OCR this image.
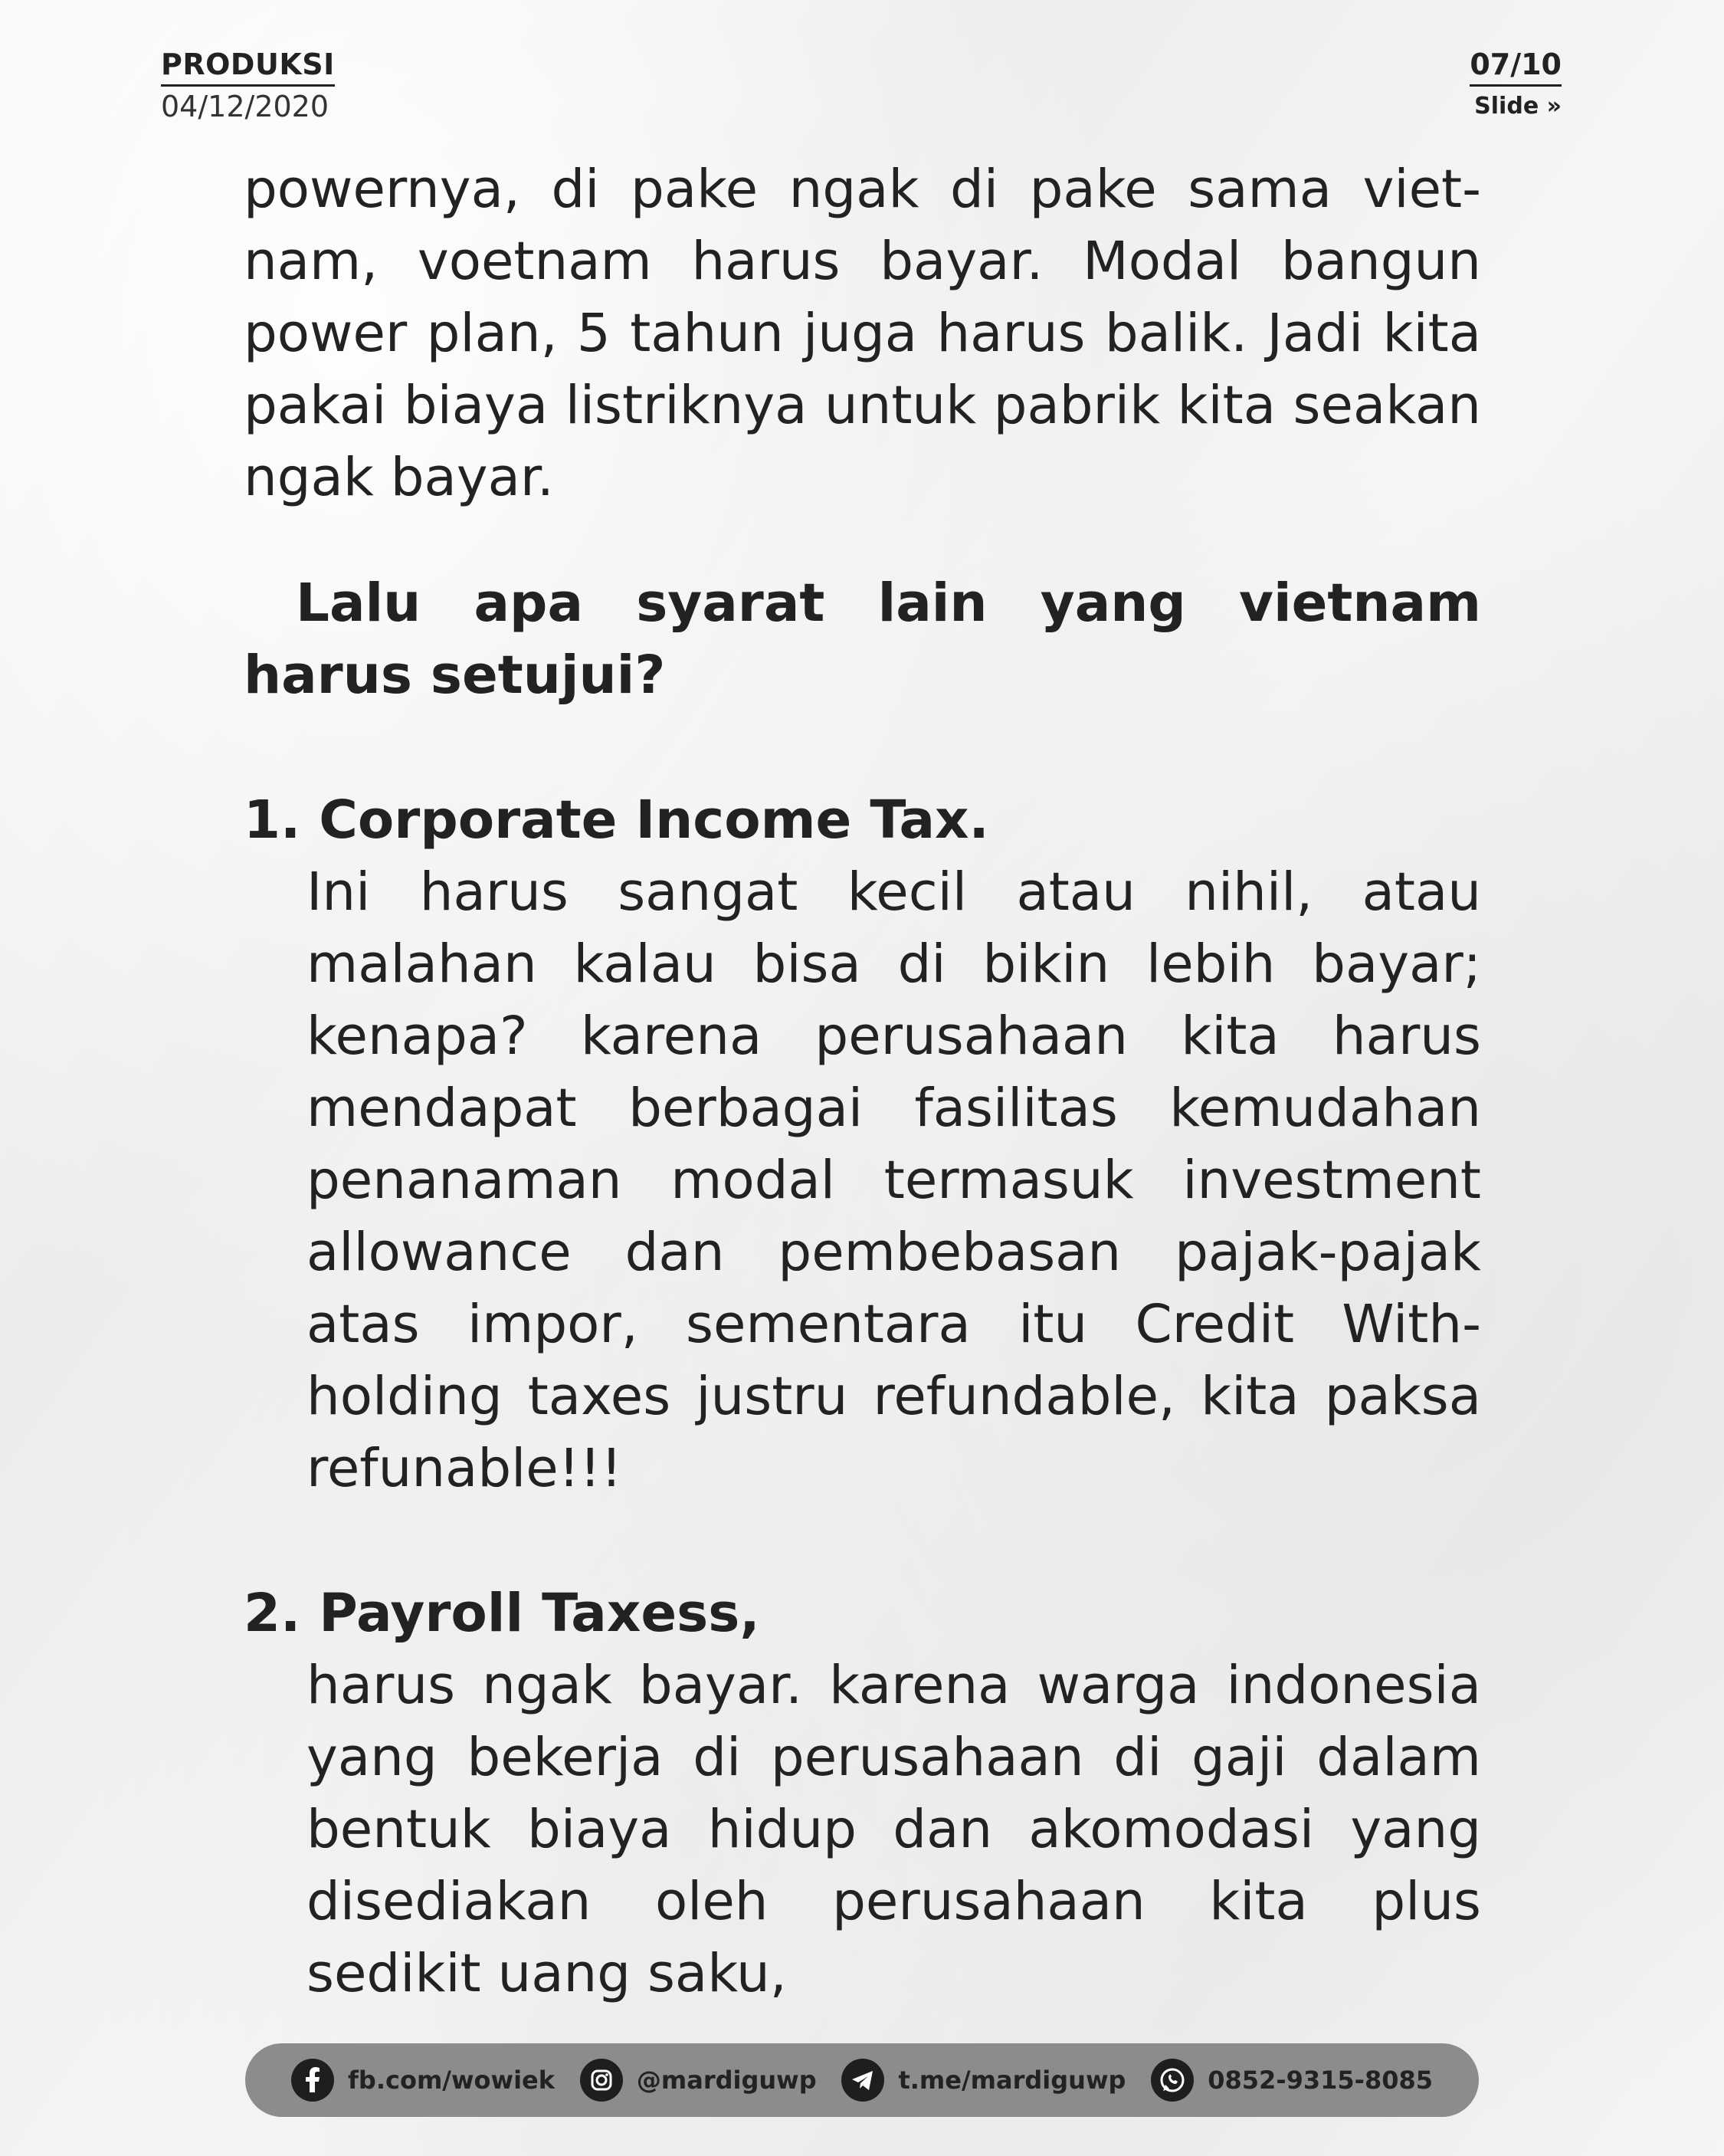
PRODUKSI
04/12/2020
07/10
Slide »

powernya, di pake ngak di pake sama viet-nam, voetnam harus bayar. Modal bangun power plan, 5 tahun juga harus balik. Jadi kita pakai biaya listriknya untuk pabrik kita seakan ngak bayar.

Lalu apa syarat lain yang vietnam harus setujui?

1. Corporate Income Tax.

Ini harus sangat kecil atau nihil, atau malahan kalau bisa di bikin lebih bayar; kenapa? karena perusahaan kita harus mendapat berbagai fasilitas kemudahan penanaman modal termasuk investment allowance dan pembebasan pajak-pajak atas impor, sementara itu Credit With-holding taxes justru refundable, kita paksa refunable!!!

2. Payroll Taxess,

harus ngak bayar. karena warga indonesia yang bekerja di perusahaan di gaji dalam bentuk biaya hidup dan akomodasi yang disediakan oleh perusahaan kita plus sedikit uang saku,

fb.com/wowiek	@mardiguwp	t.me/mardiguwp	0852-9315-8085
